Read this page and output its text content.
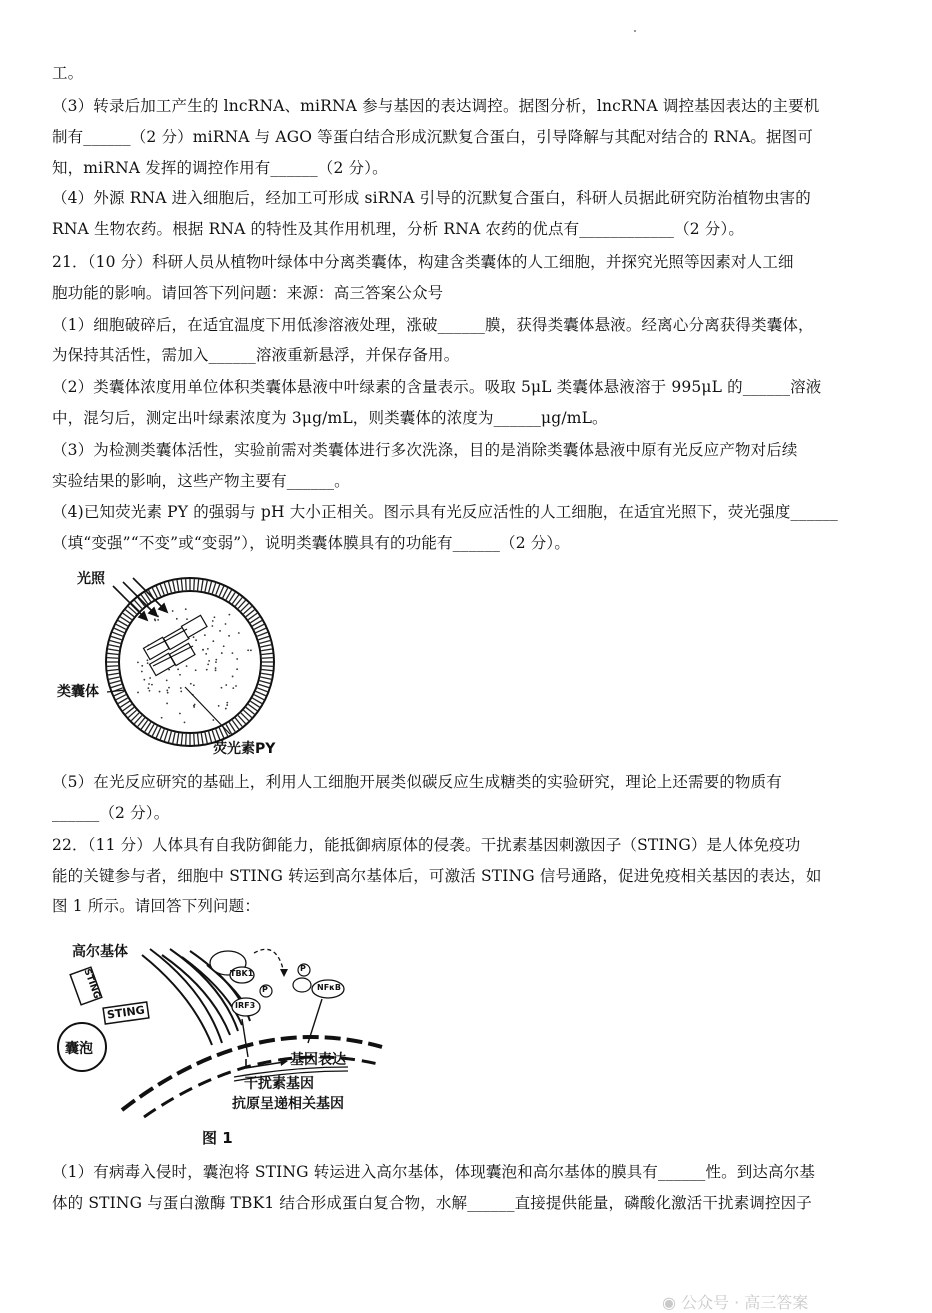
工。
（3）转录后加工产生的 lncRNA、miRNA 参与基因的表达调控。据图分析，lncRNA 调控基因表达的主要机
制有______（2 分）miRNA 与 AGO 等蛋白结合形成沉默复合蛋白，引导降解与其配对结合的 RNA。据图可
知，miRNA 发挥的调控作用有______（2 分）。
（4）外源 RNA 进入细胞后，经加工可形成 siRNA 引导的沉默复合蛋白，科研人员据此研究防治植物虫害的
RNA 生物农药。根据 RNA 的特性及其作用机理，分析 RNA 农药的优点有____________（2 分）。
21．（10 分）科研人员从植物叶绿体中分离类囊体，构建含类囊体的人工细胞，并探究光照等因素对人工细
胞功能的影响。请回答下列问题：来源：高三答案公众号
（1）细胞破碎后，在适宜温度下用低渗溶液处理，涨破______膜，获得类囊体悬液。经离心分离获得类囊体，
为保持其活性，需加入______溶液重新悬浮，并保存备用。
（2）类囊体浓度用单位体积类囊体悬液中叶绿素的含量表示。吸取 5μL 类囊体悬液溶于 995μL 的______溶液
中，混匀后，测定出叶绿素浓度为 3μg/mL，则类囊体的浓度为______μg/mL。
（3）为检测类囊体活性，实验前需对类囊体进行多次洗涤，目的是消除类囊体悬液中原有光反应产物对后续
实验结果的影响，这些产物主要有______。
（4)已知荧光素 PY 的强弱与 pH 大小正相关。图示具有光反应活性的人工细胞，在适宜光照下，荧光强度______
（填“变强”“不变”或“变弱”），说明类囊体膜具有的功能有______（2 分）。
光照
类囊体
荧光素PY
（5）在光反应研究的基础上，利用人工细胞开展类似碳反应生成糖类的实验研究，理论上还需要的物质有
______（2 分）。
22．（11 分）人体具有自我防御能力，能抵御病原体的侵袭。干扰素基因刺激因子（STING）是人体免疫功
能的关键参与者，细胞中 STING 转运到高尔基体后，可激活 STING 信号通路，促进免疫相关基因的表达，如
图 1 所示。请回答下列问题：
高尔基体
STING
STING
囊泡
TBK1
IRF3
P
P
NFκB
基因表达
干扰素基因
抗原呈递相关基因
图 1
（1）有病毒入侵时，囊泡将 STING 转运进入高尔基体，体现囊泡和高尔基体的膜具有______性。到达高尔基
体的 STING 与蛋白激酶 TBK1 结合形成蛋白复合物，水解______直接提供能量，磷酸化激活干扰素调控因子
◉ 公众号 · 高三答案
